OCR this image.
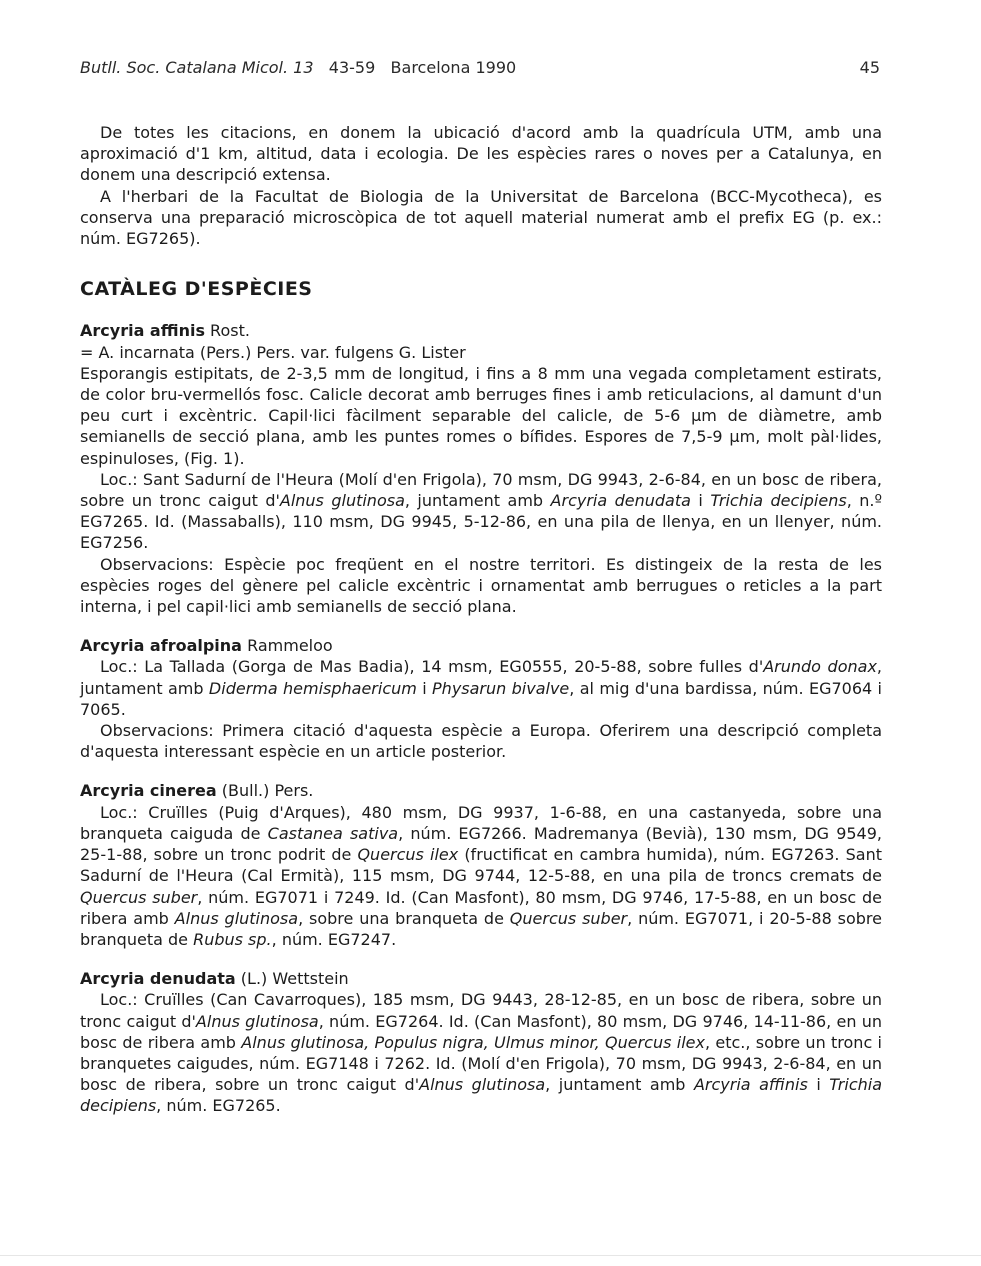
Butll. Soc. Catalana Micol. 13 43-59 Barcelona 1990	45

De totes les citacions, en donem la ubicació d'acord amb la quadrícula UTM, amb una aproximació d'1 km, altitud, data i ecologia. De les espècies rares o noves per a Catalunya, en donem una descripció extensa.

A l'herbari de la Facultat de Biologia de la Universitat de Barcelona (BCC-Mycotheca), es conserva una preparació microscòpica de tot aquell material numerat amb el prefix EG (p. ex.: núm. EG7265).

CATÀLEG D'ESPÈCIES

Arcyria affinis Rost.

= A. incarnata (Pers.) Pers. var. fulgens G. Lister

Esporangis estipitats, de 2-3,5 mm de longitud, i fins a 8 mm una vegada completament estirats, de color bru-vermellós fosc. Calicle decorat amb berruges fines i amb reticulacions, al damunt d'un peu curt i excèntric. Capil·lici fàcilment separable del calicle, de 5-6 µm de diàmetre, amb semianells de secció plana, amb les puntes romes o bífides. Espores de 7,5-9 µm, molt pàl·lides, espinuloses, (Fig. 1).

Loc.: Sant Sadurní de l'Heura (Molí d'en Frigola), 70 msm, DG 9943, 2-6-84, en un bosc de ribera, sobre un tronc caigut d'Alnus glutinosa, juntament amb Arcyria denudata i Trichia decipiens, n.º EG7265. Id. (Massaballs), 110 msm, DG 9945, 5-12-86, en una pila de llenya, en un llenyer, núm. EG7256.

Observacions: Espècie poc freqüent en el nostre territori. Es distingeix de la resta de les espècies roges del gènere pel calicle excèntric i ornamentat amb berrugues o reticles a la part interna, i pel capil·lici amb semianells de secció plana.

Arcyria afroalpina Rammeloo

Loc.: La Tallada (Gorga de Mas Badia), 14 msm, EG0555, 20-5-88, sobre fulles d'Arundo donax, juntament amb Diderma hemisphaericum i Physarun bivalve, al mig d'una bardissa, núm. EG7064 i 7065.

Observacions: Primera citació d'aquesta espècie a Europa. Oferirem una descripció completa d'aquesta interessant espècie en un article posterior.

Arcyria cinerea (Bull.) Pers.

Loc.: Cruïlles (Puig d'Arques), 480 msm, DG 9937, 1-6-88, en una castanyeda, sobre una branqueta caiguda de Castanea sativa, núm. EG7266. Madremanya (Bevià), 130 msm, DG 9549, 25-1-88, sobre un tronc podrit de Quercus ilex (fructificat en cambra humida), núm. EG7263. Sant Sadurní de l'Heura (Cal Ermità), 115 msm, DG 9744, 12-5-88, en una pila de troncs cremats de Quercus suber, núm. EG7071 i 7249. Id. (Can Masfont), 80 msm, DG 9746, 17-5-88, en un bosc de ribera amb Alnus glutinosa, sobre una branqueta de Quercus suber, núm. EG7071, i 20-5-88 sobre branqueta de Rubus sp., núm. EG7247.

Arcyria denudata (L.) Wettstein

Loc.: Cruïlles (Can Cavarroques), 185 msm, DG 9443, 28-12-85, en un bosc de ribera, sobre un tronc caigut d'Alnus glutinosa, núm. EG7264. Id. (Can Masfont), 80 msm, DG 9746, 14-11-86, en un bosc de ribera amb Alnus glutinosa, Populus nigra, Ulmus minor, Quercus ilex, etc., sobre un tronc i branquetes caigudes, núm. EG7148 i 7262. Id. (Molí d'en Frigola), 70 msm, DG 9943, 2-6-84, en un bosc de ribera, sobre un tronc caigut d'Alnus glutinosa, juntament amb Arcyria affinis i Trichia decipiens, núm. EG7265.
